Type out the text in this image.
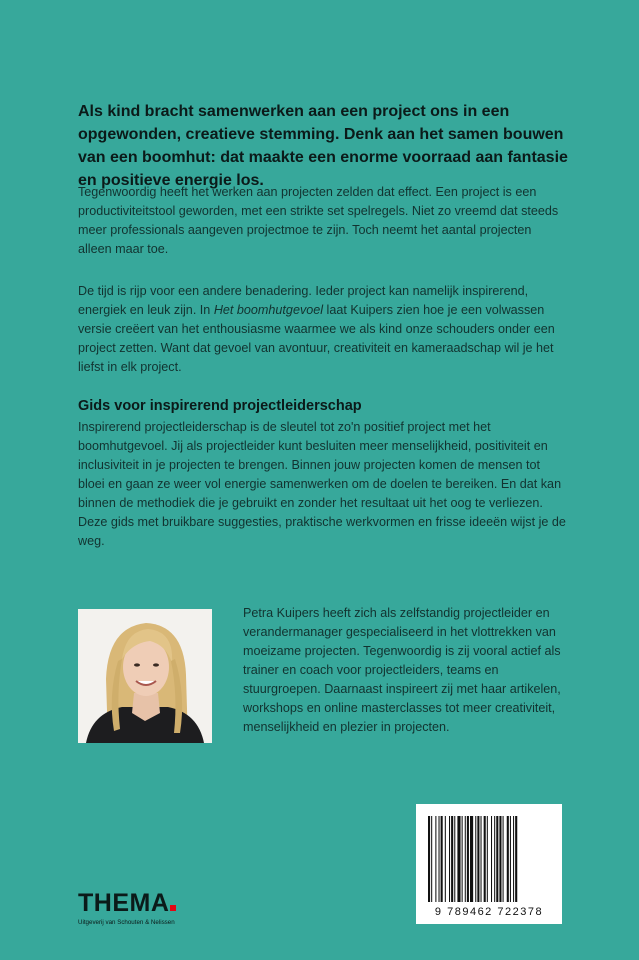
Als kind bracht samenwerken aan een project ons in een opgewonden, creatieve stemming. Denk aan het samen bouwen van een boomhut: dat maakte een enorme voorraad aan fantasie en positieve energie los.

Tegenwoordig heeft het werken aan projecten zelden dat effect. Een project is een productiviteitstool geworden, met een strikte set spelregels. Niet zo vreemd dat steeds meer professionals aangeven projectmoe te zijn. Toch neemt het aantal projecten alleen maar toe.

De tijd is rijp voor een andere benadering. Ieder project kan namelijk inspirerend, energiek en leuk zijn. In Het boomhutgevoel laat Kuipers zien hoe je een volwassen versie creëert van het enthousiasme waarmee we als kind onze schouders onder een project zetten. Want dat gevoel van avontuur, creativiteit en kameraadschap wil je het liefst in elk project.

Gids voor inspirerend projectleiderschap

Inspirerend projectleiderschap is de sleutel tot zo'n positief project met het boomhutgevoel. Jij als projectleider kunt besluiten meer menselijkheid, positiviteit en inclusiviteit in je projecten te brengen. Binnen jouw projecten komen de mensen tot bloei en gaan ze weer vol energie samenwerken om de doelen te bereiken. En dat kan binnen de methodiek die je gebruikt en zonder het resultaat uit het oog te verliezen. Deze gids met bruikbare suggesties, praktische werkvormen en frisse ideeën wijst je de weg.

Petra Kuipers heeft zich als zelfstandig projectleider en verandermanager gespecialiseerd in het vlottrekken van moeizame projecten. Tegenwoordig is zij vooral actief als trainer en coach voor projectleiders, teams en stuurgroepen. Daarnaast inspireert zij met haar artikelen, workshops en online masterclasses tot meer creativiteit, menselijkheid en plezier in projecten.

9 789462 722378
THEMA
Uitgeverij van Schouten & Nelissen
